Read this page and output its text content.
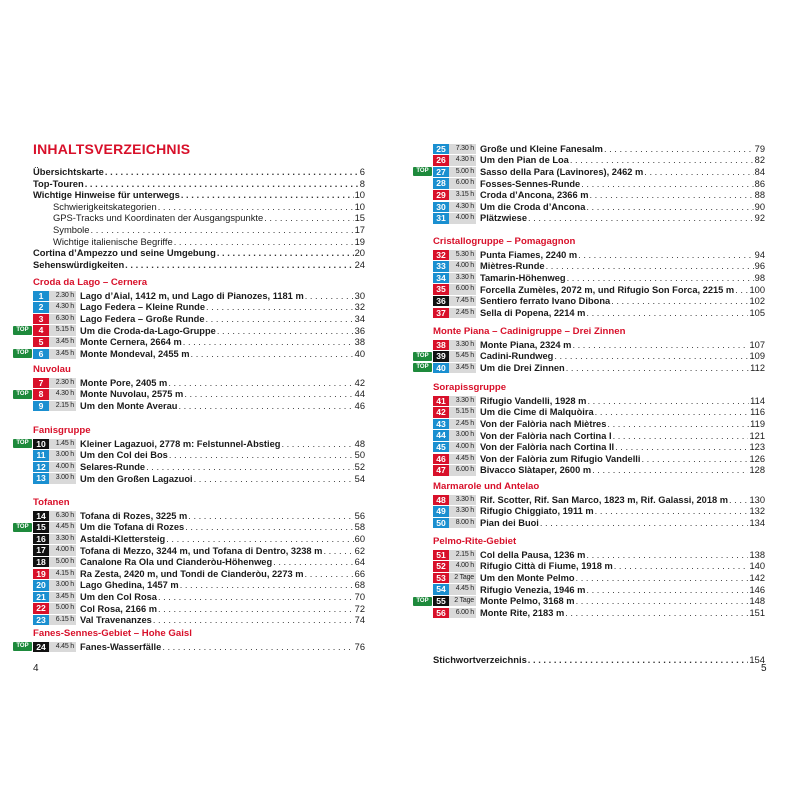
INHALTSVERZEICHNIS
Übersichtskarte . . .	6
Top-Touren . . .	8
Wichtige Hinweise für unterwegs . . .	10
Schwierigkeitskategorien . . .	10
GPS-Tracks und Koordinaten der Ausgangspunkte . . .	15
Symbole . . .	17
Wichtige italienische Begriffe . . .	19
Cortina d’Ampezzo und seine Umgebung . . .	20
Sehenswürdigkeiten . . .	24
Croda da Lago – Cernera
1	2.30 h Lago d’Aial, 1412 m, und Lago di Pianozes, 1181 m . . .	30
2	4.30 h Lago Federa – Kleine Runde . . .	32
3	6.30 h Lago Federa – Große Runde . . .	34
TOP	4	5.15 h Um die Croda-da-Lago-Gruppe . . .	36
5	3.45 h Monte Cernera, 2664 m . . .	38
TOP	6	3.45 h Monte Mondeval, 2455 m . . .	40
Nuvolau
7	2.30 h Monte Pore, 2405 m . . .	42
TOP	8	4.30 h Monte Nuvolau, 2575 m . . .	44
9	2.15 h Um den Monte Averau . . .	46
Fanisgruppe
TOP 10	1.45 h Kleiner Lagazuoi, 2778 m: Felstunnel-Abstieg . . .	48
11	3.00 h Um den Col dei Bos . . .	50
12	4.00 h Selares-Runde . . .	52
13	3.00 h Um den Großen Lagazuoi . . .	54
Tofanen
14	6.30 h Tofana di Rozes, 3225 m . . .	56
TOP 15	4.45 h Um die Tofana di Rozes . . .	58
16	3.30 h Astaldi-Klettersteig . . .	60
17	4.00 h Tofana di Mezzo, 3244 m, und Tofana di Dentro, 3238 m . . .	62
18	5.00 h Canalone Ra Ola und Cianderòu-Höhenweg . . .	64
19	4.15 h Ra Zesta, 2420 m, und Tondi de Cianderòu, 2273 m . . .	66
20	3.00 h Lago Ghedina, 1457 m . . .	68
21	3.45 h Um den Col Rosa . . .	70
22	5.00 h Col Rosa, 2166 m . . .	72
23	6.15 h Val Travenanzes . . .	74
Fanes-Sennes-Gebiet – Hohe Gaisl
TOP 24	4.45 h Fanes-Wasserfälle . . .	76
4
25	7.30 h Große und Kleine Fanesalm . . .	79
26	4.30 h Um den Pian de Loa . . .	82
TOP 27	5.00 h Sasso della Para (Lavinores), 2462 m . . .	84
28	6.00 h Fosses-Sennes-Runde . . .	86
29	3.15 h Croda d’Ancona, 2366 m . . .	88
30	4.30 h Um die Croda d’Ancona . . .	90
31	4.00 h Plätzwiese . . .	92
Cristallogruppe – Pomagagnon
32	5.30 h Punta Fiames, 2240 m . . .	94
33	4.00 h Miètres-Runde . . .	96
34	3.30 h Tamarin-Höhenweg . . .	98
35	6.00 h Forcella Zumèles, 2072 m, und Rifugio Son Forca, 2215 m . . . 100
36	7.45 h Sentiero ferrato Ivano Dibona . . .	102
37	2.45 h Sella di Popena, 2214 m . . .	105
Monte Piana – Cadinigruppe – Drei Zinnen
38	3.30 h Monte Piana, 2324 m . . .	107
TOP 39	5.45 h Cadini-Rundweg . . .	109
TOP 40	3.45 h Um die Drei Zinnen . . .	112
Sorapissgruppe
41	3.30 h Rifugio Vandelli, 1928 m . . .	114
42	5.15 h Um die Cime di Malquòira . . .	116
43	2.45 h Von der Falòria nach Miètres . . .	119
44	3.00 h Von der Falòria nach Cortina I . . .	121
45	4.00 h Von der Falòria nach Cortina II . . .	123
46	4.45 h Von der Falòria zum Rifugio Vandelli . . .	126
47	6.00 h Bivacco Slàtaper, 2600 m . . .	128
Marmarole und Antelao
48	3.30 h Rif. Scotter, Rif. San Marco, 1823 m, Rif. Galassi, 2018 m . . . 130
49	3.30 h Rifugio Chiggiato, 1911 m . . .	132
50	8.00 h Pian dei Buoi . . .	134
Pelmo-Rite-Gebiet
51	2.15 h Col della Pausa, 1236 m . . .	138
52	4.00 h Rifugio Città di Fiume, 1918 m . . .	140
53	2 Tage Um den Monte Pelmo . . .	142
54	4.45 h Rifugio Venezia, 1946 m . . .	146
TOP 55	2 Tage Monte Pelmo, 3168 m . . .	148
56	6.00 h Monte Rite, 2183 m . . .	151
Stichwortverzeichnis . . .	154
5
